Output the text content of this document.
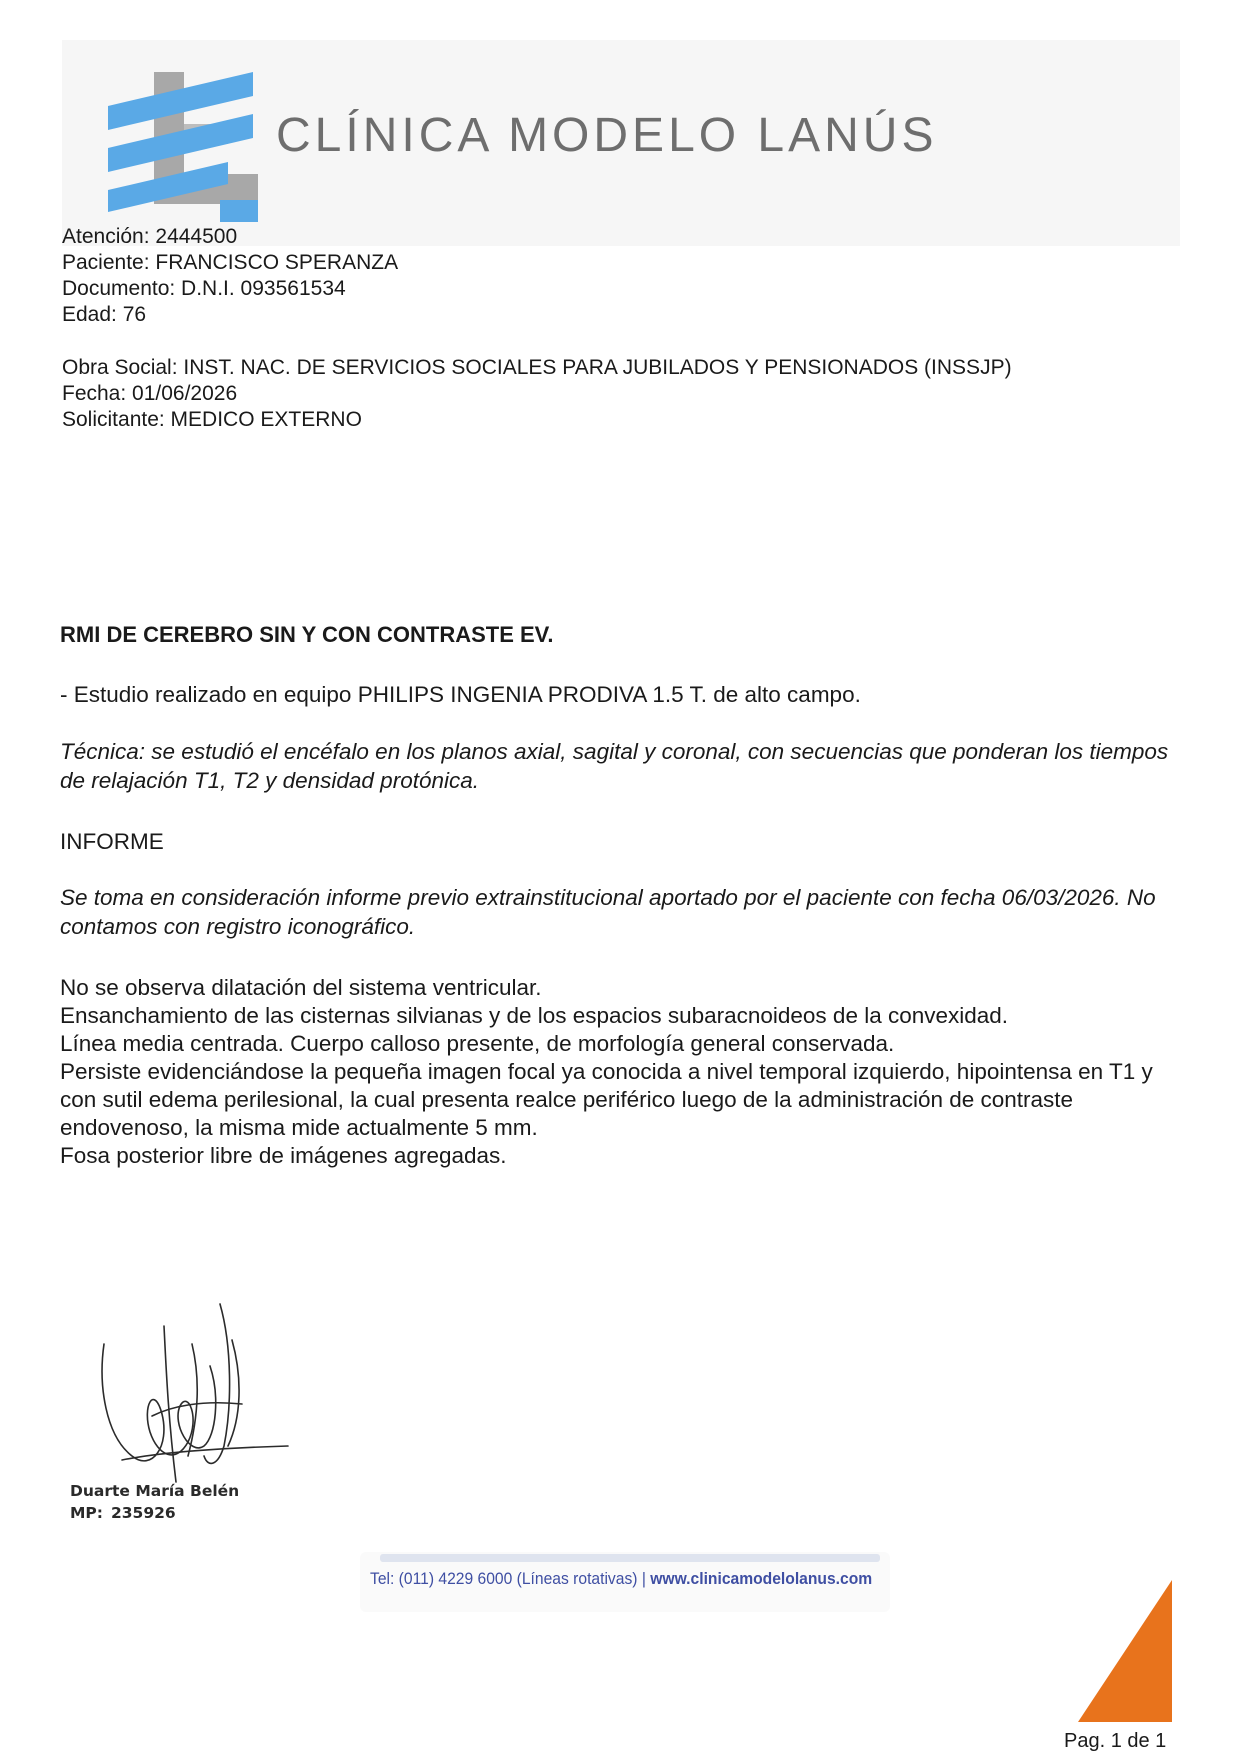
CLÍNICA MODELO LANÚS
Atención: 2444500
Paciente: FRANCISCO SPERANZA
Documento: D.N.I. 093561534
Edad: 76
Obra Social: INST. NAC. DE SERVICIOS SOCIALES PARA JUBILADOS Y PENSIONADOS (INSSJP)
Fecha: 01/06/2026
Solicitante: MEDICO EXTERNO
RMI DE CEREBRO SIN Y CON CONTRASTE EV.
- Estudio realizado en equipo PHILIPS INGENIA PRODIVA 1.5 T. de alto campo.
Técnica: se estudió el encéfalo en los planos axial, sagital y coronal, con secuencias que ponderan los tiempos de relajación T1, T2 y densidad protónica.
INFORME
Se toma en consideración informe previo extrainstitucional aportado por el paciente con fecha 06/03/2026. No contamos con registro iconográfico.
No se observa dilatación del sistema ventricular.
Ensanchamiento de las cisternas silvianas y de los espacios subaracnoideos de la convexidad.
Línea media centrada. Cuerpo calloso presente, de morfología general conservada.
Persiste evidenciándose la pequeña imagen focal ya conocida a nivel temporal izquierdo, hipointensa en T1 y con sutil edema perilesional, la cual presenta realce periférico luego de la administración de contraste endovenoso, la misma mide actualmente 5 mm.
Fosa posterior libre de imágenes agregadas.
Duarte María Belén
MP: 235926
Tel: (011) 4229 6000 (Líneas rotativas) | www.clinicamodelolanus.com
Pag. 1 de 1
